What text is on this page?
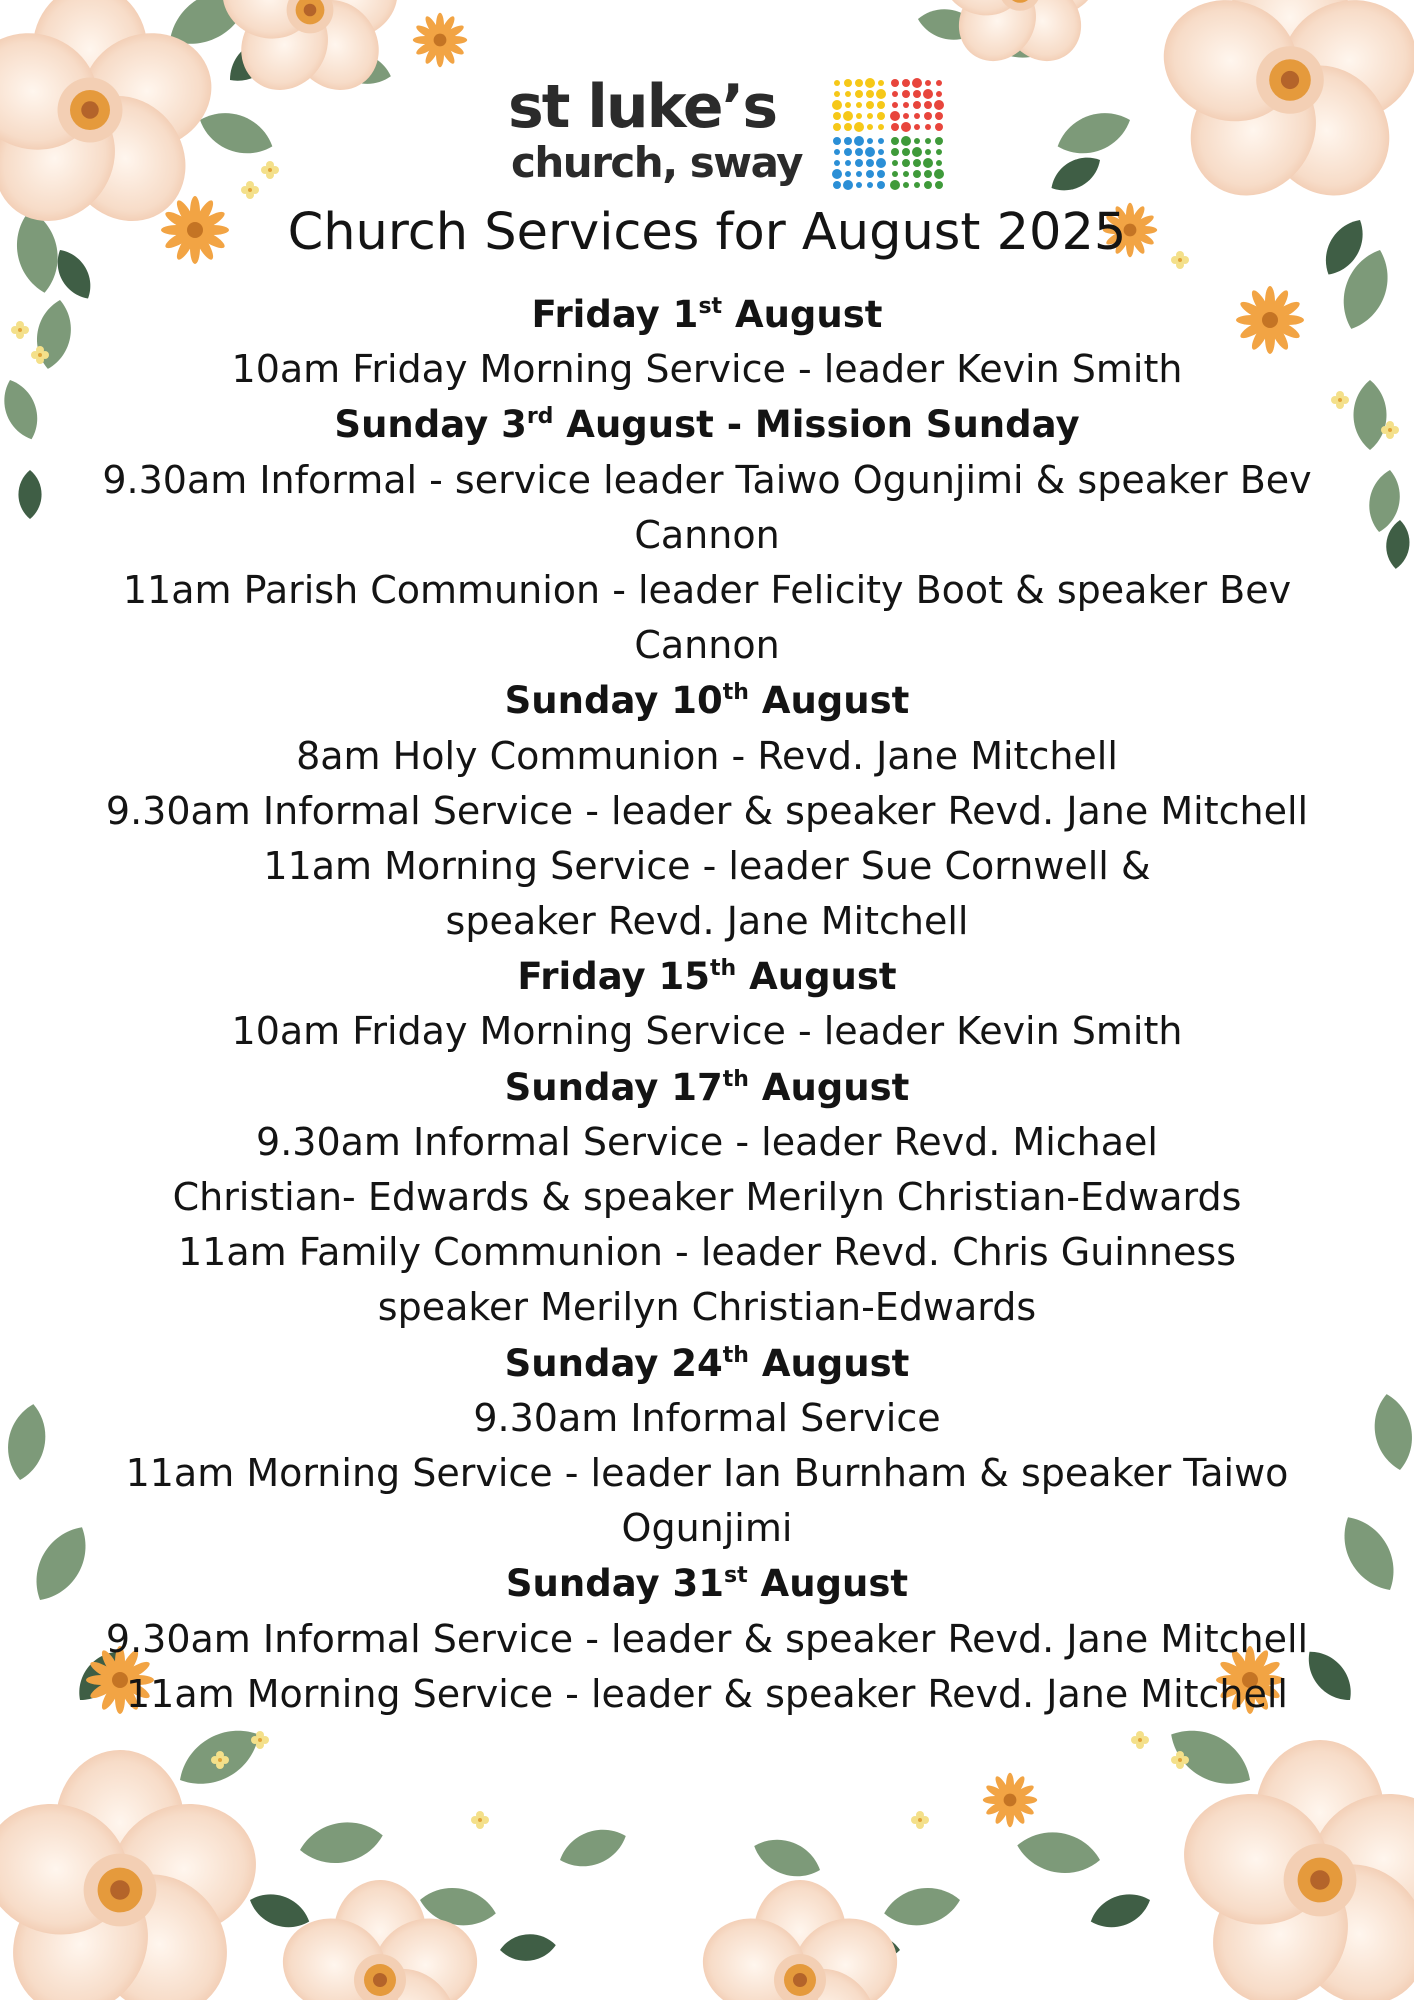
st luke’s
church, sway
Church Services for August 2025
Friday 1st August
10am Friday Morning Service - leader Kevin Smith
Sunday 3rd August - Mission Sunday
9.30am Informal - service leader Taiwo Ogunjimi & speaker Bev
Cannon
11am Parish Communion - leader Felicity Boot & speaker Bev
Cannon
Sunday 10th August
8am Holy Communion - Revd. Jane Mitchell
9.30am Informal Service - leader & speaker Revd. Jane Mitchell
11am Morning Service - leader Sue Cornwell &
speaker Revd. Jane Mitchell
Friday 15th August
10am Friday Morning Service - leader Kevin Smith
Sunday 17th August
9.30am Informal Service - leader Revd. Michael
Christian- Edwards & speaker Merilyn Christian-Edwards
11am Family Communion - leader Revd. Chris Guinness
speaker Merilyn Christian-Edwards
Sunday 24th August
9.30am Informal Service
11am Morning Service - leader Ian Burnham & speaker Taiwo
Ogunjimi
Sunday 31st August
9.30am Informal Service - leader & speaker Revd. Jane Mitchell
11am Morning Service - leader & speaker Revd. Jane Mitchell
